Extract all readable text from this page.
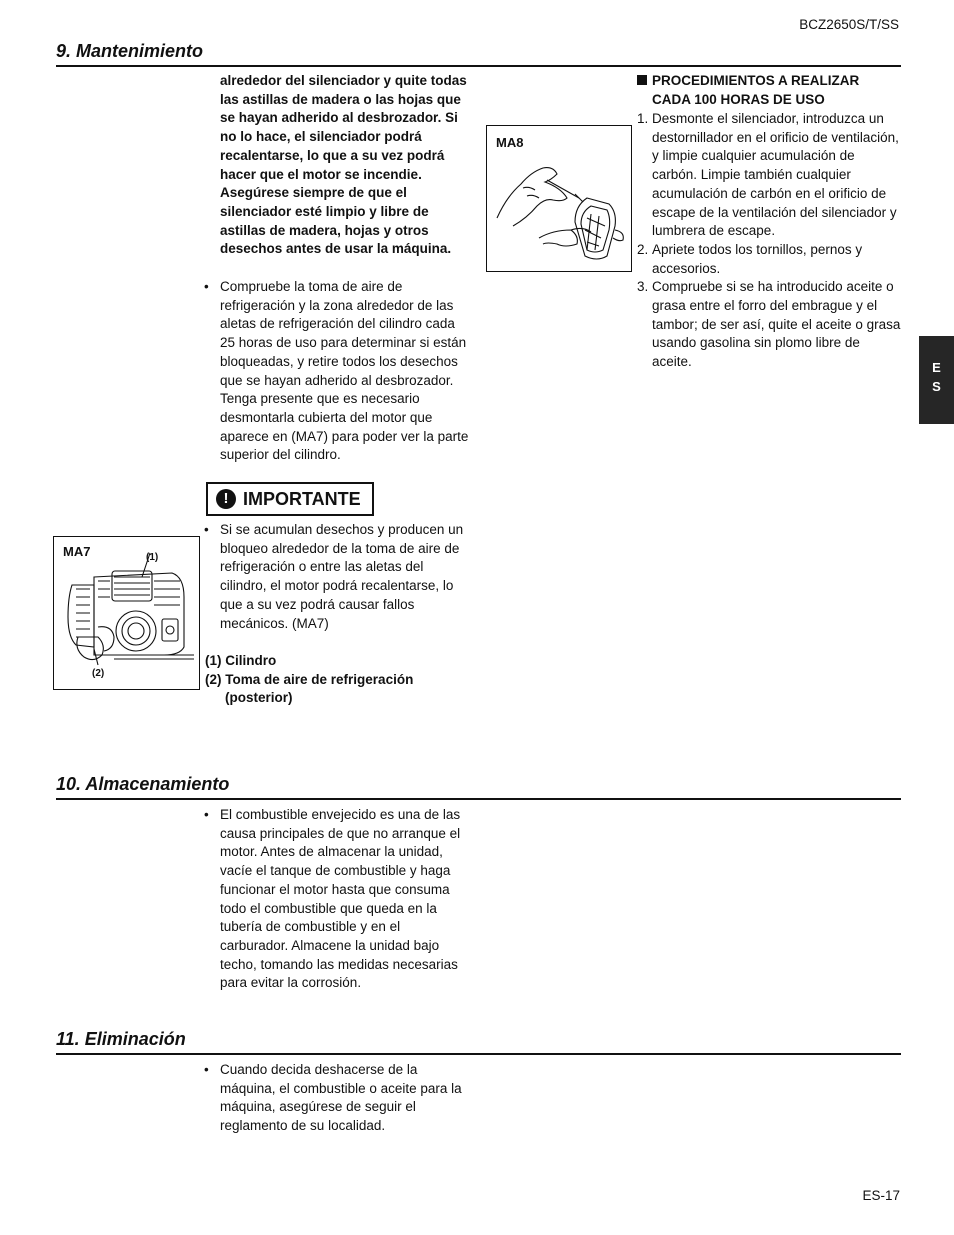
BCZ2650S/T/SS
9. Mantenimiento

alrededor del silenciador y quite todas las astillas de madera o las hojas que se hayan adherido al desbrozador. Si no lo hace, el silenciador podrá recalentarse, lo que a su vez podrá hacer que el motor se incendie. Asegúrese siempre de que el silenciador esté limpio y libre de astillas de madera, hojas y otros desechos antes de usar la máquina.

• Compruebe la toma de aire de refrigeración y la zona alrededor de las aletas de refrigeración del cilindro cada 25 horas de uso para determinar si están bloqueadas, y retire todos los desechos que se hayan adherido al desbrozador. Tenga presente que es necesario desmontarla cubierta del motor que aparece en (MA7) para poder ver la parte superior del cilindro.
! IMPORTANTE
• Si se acumulan desechos y producen un bloqueo alrededor de la toma de aire de refrigeración o entre las aletas del cilindro, el motor podrá recalentarse, lo que a su vez podrá causar fallos mecánicos. (MA7)
(1) Cilindro
(2) Toma de aire de refrigeración
(posterior)
MA7	(1)
(2)
MA8
PROCEDIMIENTOS A REALIZAR
CADA 100 HORAS DE USO
1. Desmonte el silenciador, introduzca un destornillador en el orificio de ventilación, y limpie cualquier acumulación de carbón. Limpie también cualquier acumulación de carbón en el orificio de escape de la ventilación del silenciador y lumbrera de escape.
2. Apriete todos los tornillos, pernos y accesorios.
3. Compruebe si se ha introducido aceite o grasa entre el forro del embrague y el tambor; de ser así, quite el aceite o grasa usando gasolina sin plomo libre de aceite.	E
S
10. Almacenamiento
• El combustible envejecido es una de las causa principales de que no arranque el motor. Antes de almacenar la unidad, vacíe el tanque de combustible y haga funcionar el motor hasta que consuma todo el combustible que queda en la tubería de combustible y en el carburador. Almacene la unidad bajo techo, tomando las medidas necesarias para evitar la corrosión.
11. Eliminación
• Cuando decida deshacerse de la máquina, el combustible o aceite para la máquina, asegúrese de seguir el reglamento de su localidad.
ES-17
